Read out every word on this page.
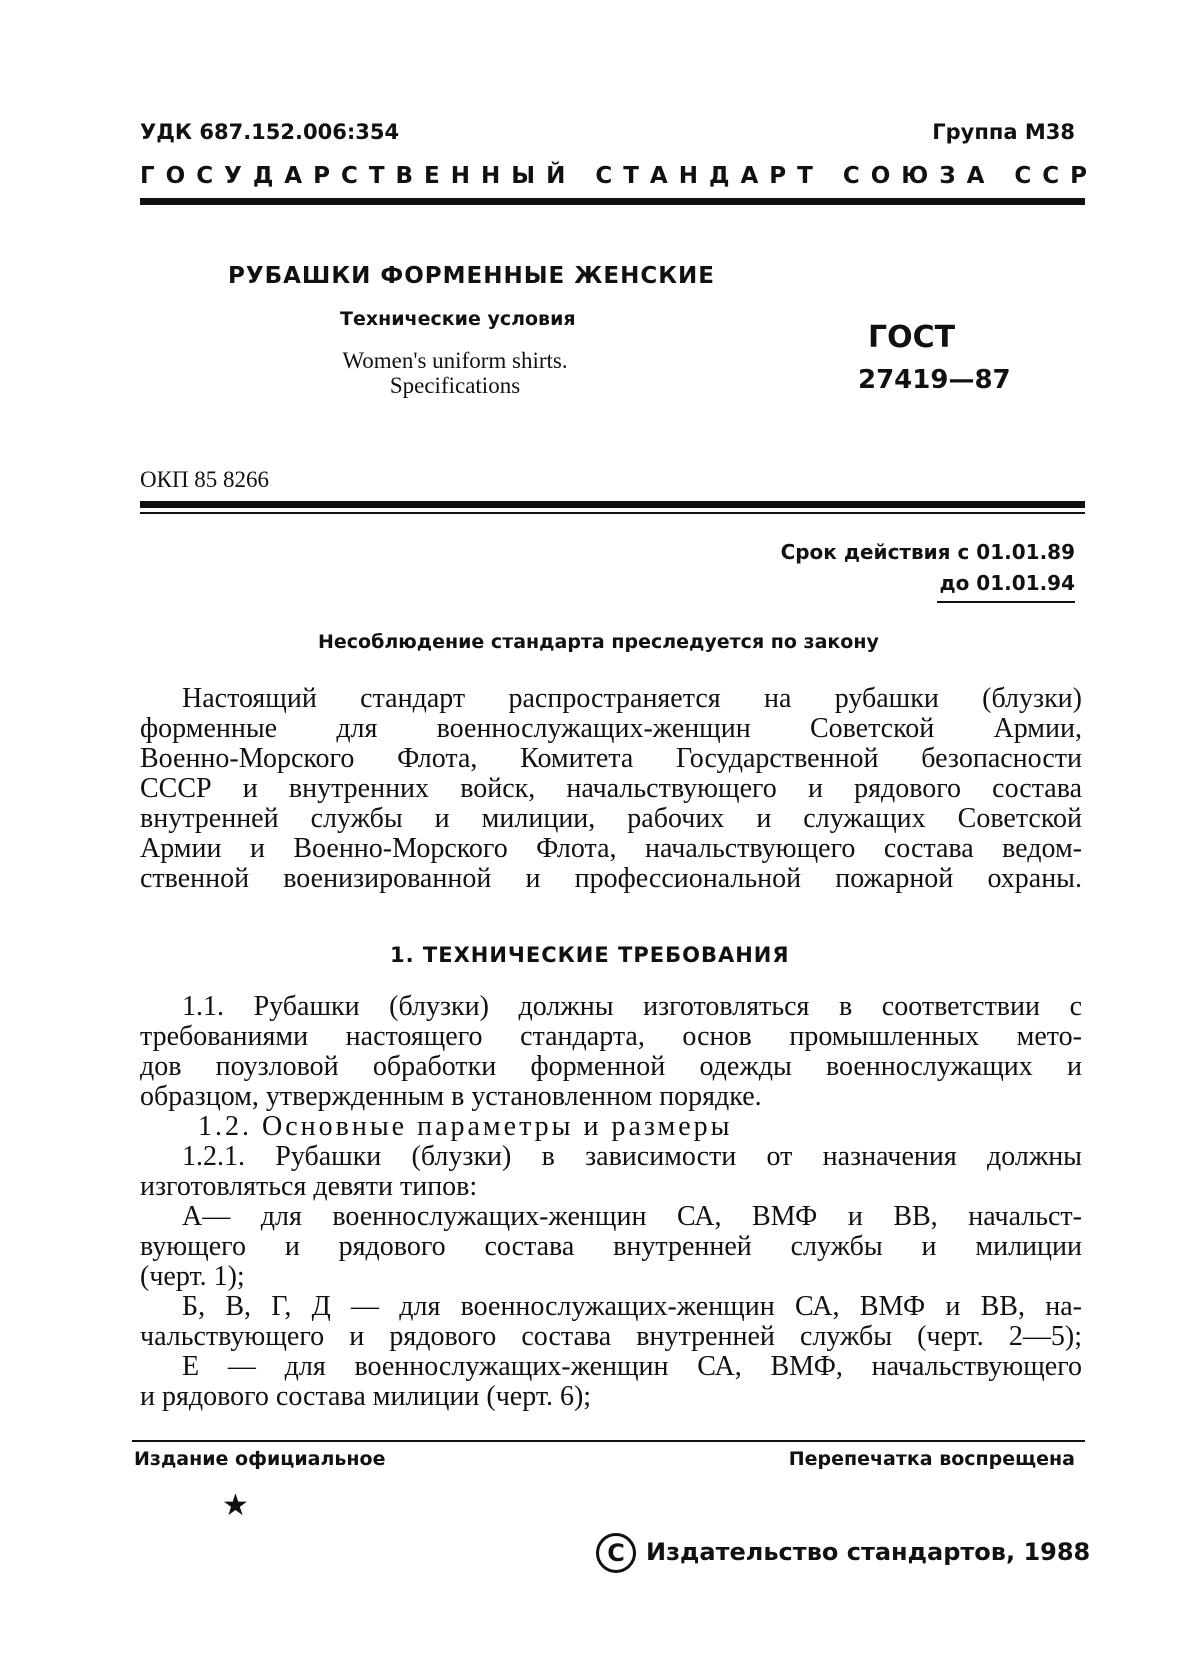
УДК 687.152.006:354	Группа М38
ГОСУДАРСТВЕННЫЙ СТАНДАРТ СОЮЗА ССР
РУБАШКИ ФОРМЕННЫЕ ЖЕНСКИЕ
Технические условия
Women's uniform shirts.
Specifications
ГОСТ
27419—87
ОКП 85 8266
Срок действия с 01.01.89
до 01.01.94
Несоблюдение стандарта преследуется по закону
Настоящий стандарт распространяется на рубашки (блузки)
форменные для военнослужащих-женщин Советской Армии,
Военно-Морского Флота, Комитета Государственной безопасности
СССР и внутренних войск, начальствующего и рядового состава
внутренней службы и милиции, рабочих и служащих Советской
Армии и Военно-Морского Флота, начальствующего состава ведом-
ственной военизированной и профессиональной пожарной охраны.
1. ТЕХНИЧЕСКИЕ ТРЕБОВАНИЯ
1.1. Рубашки (блузки) должны изготовляться в соответствии с
требованиями настоящего стандарта, основ промышленных мето-
дов поузловой обработки форменной одежды военнослужащих и
образцом, утвержденным в установленном порядке.
1.2. Основные параметры и размеры
1.2.1. Рубашки (блузки) в зависимости от назначения должны
изготовляться девяти типов:
А— для военнослужащих-женщин СА, ВМФ и ВВ, начальст-
вующего и рядового состава внутренней службы и милиции
(черт. 1);
Б, В, Г, Д — для военнослужащих-женщин СА, ВМФ и ВВ, на-
чальствующего и рядового состава внутренней службы (черт. 2—5);
Е — для военнослужащих-женщин СА, ВМФ, начальствующего
и рядового состава милиции (черт. 6);
Издание официальное	Перепечатка воспрещена
★
С Издательство стандартов, 1988
